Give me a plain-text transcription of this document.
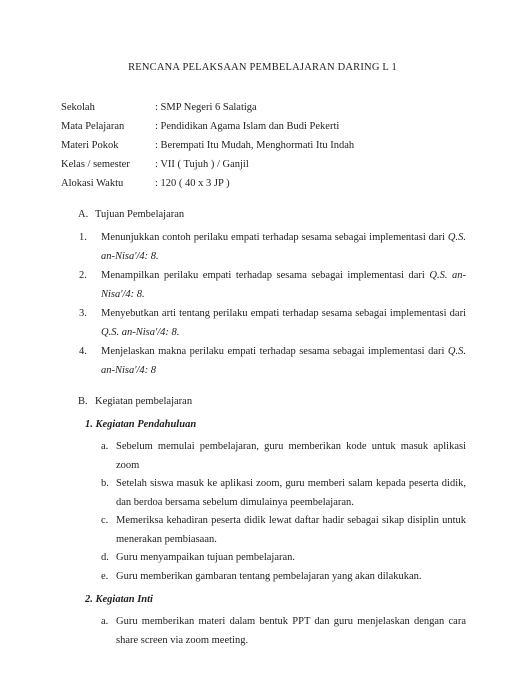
RENCANA PELAKSAAN PEMBELAJARAN DARING L 1
Sekolah	: SMP Negeri 6 Salatiga
Mata Pelajaran	: Pendidikan Agama Islam dan Budi Pekerti
Materi Pokok	: Berempati Itu Mudah, Menghormati Itu Indah
Kelas / semester : VII ( Tujuh ) / Ganjil
Alokasi Waktu	: 120 ( 40 x 3 JP )
A. Tujuan Pembelajaran
1. Menunjukkan contoh perilaku empati terhadap sesama sebagai implementasi dari Q.S. an-Nisa'/4: 8.
2. Menampilkan perilaku empati terhadap sesama sebagai implementasi dari Q.S. an-Nisa'/4: 8.
3. Menyebutkan arti tentang perilaku empati terhadap sesama sebagai implementasi dari Q.S. an-Nisa'/4: 8.
4. Menjelaskan makna perilaku empati terhadap sesama sebagai implementasi dari Q.S. an-Nisa'/4: 8
B. Kegiatan pembelajaran
1. Kegiatan Pendahuluan
a. Sebelum memulai pembelajaran, guru memberikan kode untuk masuk aplikasi zoom
b. Setelah siswa masuk ke aplikasi zoom, guru memberi salam kepada peserta didik, dan berdoa bersama sebelum dimulainya peembelajaran.
c. Memeriksa kehadiran peserta didik lewat daftar hadir sebagai sikap disiplin untuk menerakan pembiasaan.
d. Guru menyampaikan tujuan pembelajaran.
e. Guru memberikan gambaran tentang pembelajaran yang akan dilakukan.
2. Kegiatan Inti
a. Guru memberikan materi dalam bentuk PPT dan guru menjelaskan dengan cara share screen via zoom meeting.
